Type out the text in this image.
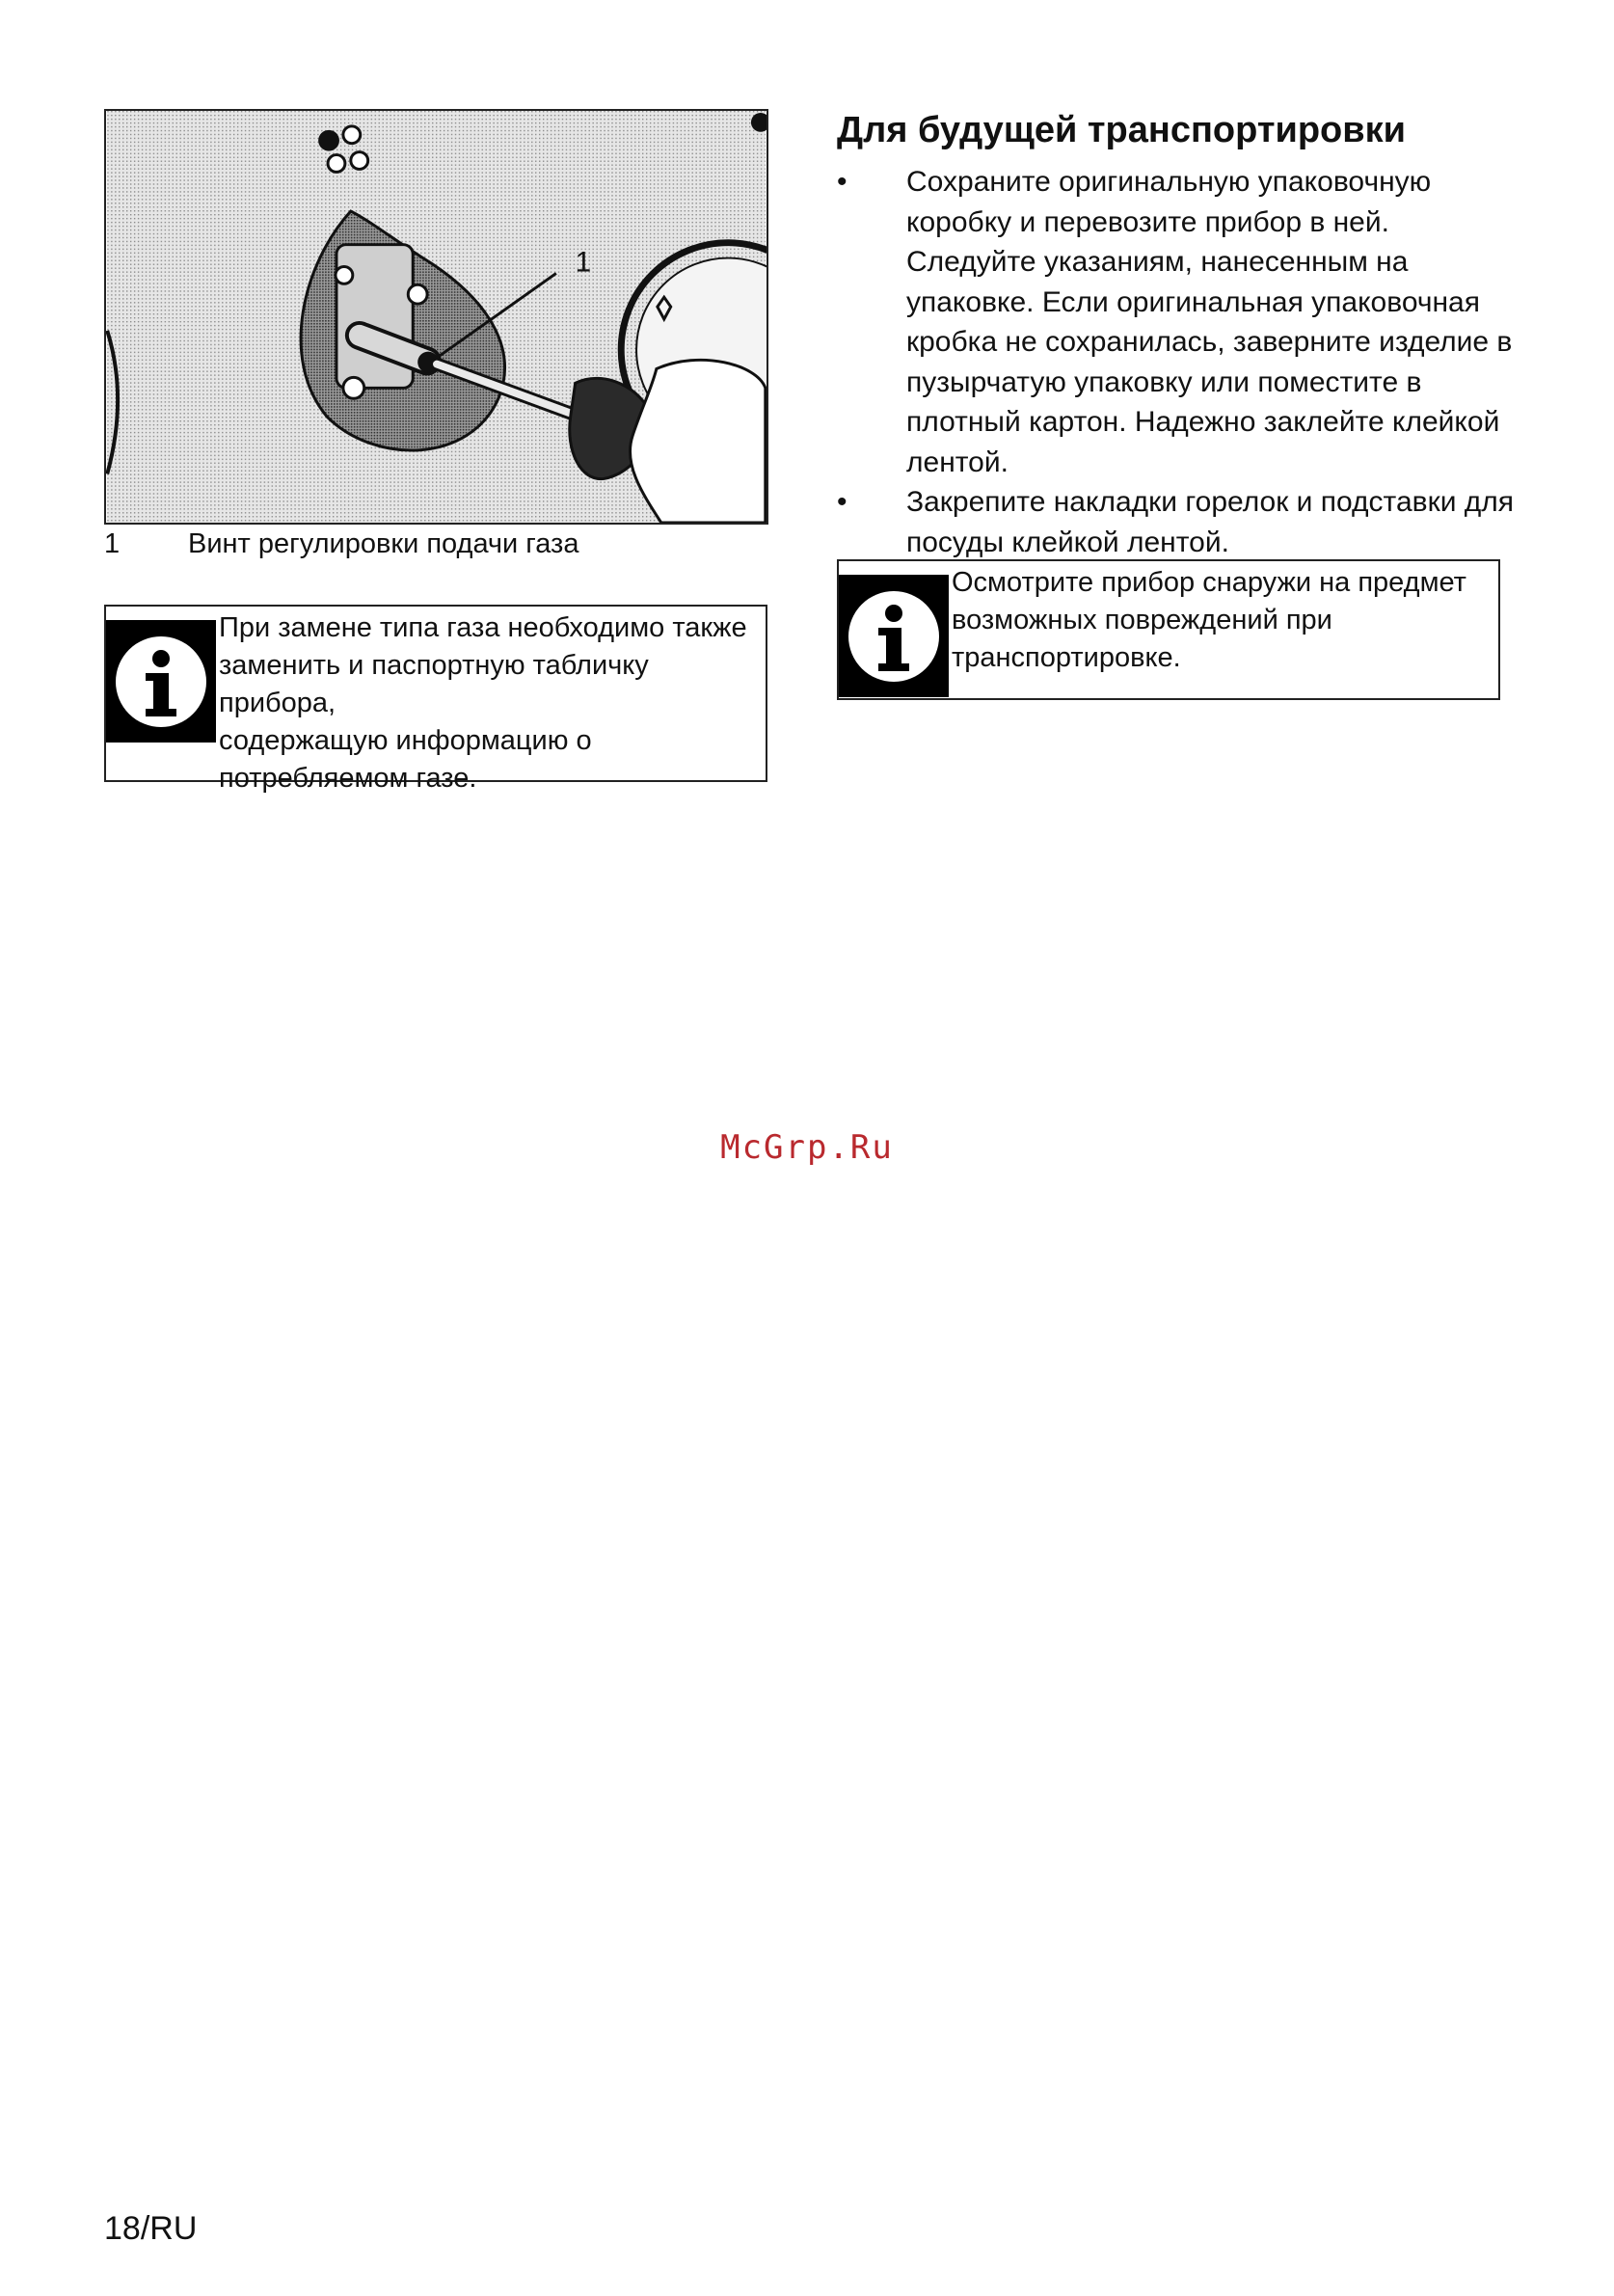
1
1	Винт регулировки подачи газа
При замене типа газа необходимо также
заменить и паспортную табличку прибора,
содержащую информацию о
потребляемом газе.
Для будущей транспортировки
•	Сохраните оригинальную упаковочную
коробку и перевозите прибор в ней.
Следуйте указаниям, нанесенным на
упаковке. Если оригинальная упаковочная
кробка не сохранилась, заверните изделие в
пузырчатую упаковку или поместите в
плотный картон. Надежно заклейте клейкой
лентой.
•	Закрепите накладки горелок и подставки для
посуды клейкой лентой.
Осмотрите прибор снаружи на предмет
возможных повреждений при
транспортировке.
McGrp.Ru
18/RU
